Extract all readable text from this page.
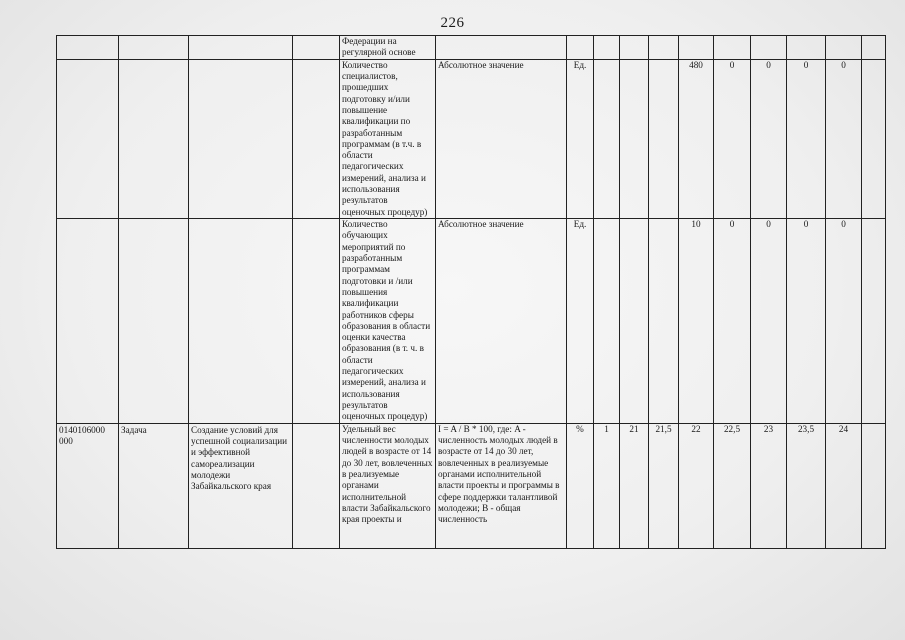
226
				Федерации на регулярной основе											
				Количество специалистов, прошедших подготовку и/или повышение квалификации по разработанным программам (в т.ч. в области педагогических измерений, анализа и использования результатов оценочных процедур)	Абсолютное значение	Ед.				480	0	0	0	0	
				Количество обучающих мероприятий по разработанным программам подготовки и /или повышения квалификации работников сферы образования в области оценки качества образования (в т. ч. в области педагогических измерений, анализа и использования результатов оценочных процедур)	Абсолютное значение	Ед.				10	0	0	0	0	
0140106000 000	Задача	Создание условий для успешной социализации и эффективной самореализации молодежи Забайкальского края		Удельный вес численности молодых людей в возрасте от 14 до 30 лет, вовлеченных в реализуемые органами исполнительной власти Забайкальского края проекты и	I = A / B * 100, где: A - численность молодых людей в возрасте от 14 до 30 лет, вовлеченных в реализуемые органами исполнительной власти проекты и программы в сфере поддержки талантливой молодежи; B - общая численность	%	1	21	21,5	22	22,5	23	23,5	24	
